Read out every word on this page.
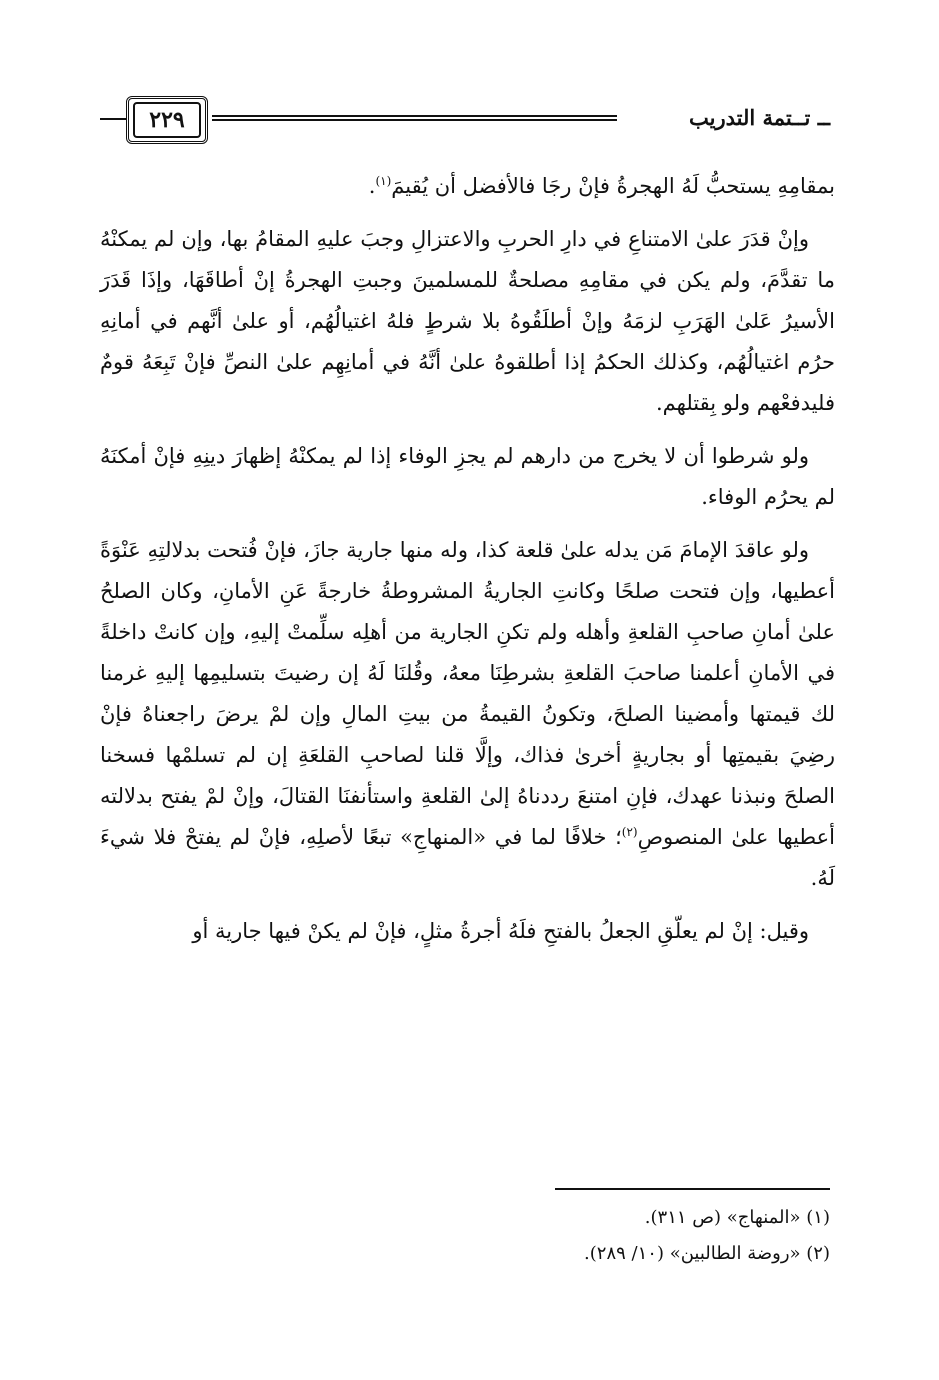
٢٢٩	ــ تــتمة التدريب

بمقامِهِ يستحبُّ لَهُ الهجرةُ فإنْ رجَا فالأفضل أن يُقيمَ$^{(١)}$.

وإنْ قدَرَ علىٰ الامتناعِ في دارِ الحربِ والاعتزالِ وجبَ عليهِ المقامُ بها، وإن لم يمكنْهُ ما تقدَّمَ، ولم يكن في مقامِهِ مصلحةٌ للمسلمينَ وجبتِ الهجرةُ إنْ أطاقَهَا، وإذَا قَدَرَ الأسيرُ عَلىٰ الهَرَبِ لزمَهُ وإنْ أطلَقُوهُ بلا شرطٍ فلهُ اغتيالُهُم، أو علىٰ أنَّهم في أمانِهِ حرُم اغتيالُهُم، وكذلك الحكمُ إذا أطلقوهُ علىٰ أنَّهُ في أمانِهِم علىٰ النصِّ فإنْ تَبِعَهُ قومٌ فليدفعْهم ولو بِقتلهم.

ولو شرطوا أن لا يخرج من دارهم لم يجزِ الوفاء إذا لم يمكنْهُ إظهارَ دينِهِ فإنْ أمكنَهُ لم يحرُم الوفاء.

ولو عاقدَ الإمامَ مَن يدله علىٰ قلعة كذا، وله منها جارية جازَ، فإنْ فُتحت بدلالتِهِ عَنْوَةً أعطيها، وإن فتحت صلحًا وكانتِ الجاريةُ المشروطةُ خارجةً عَنِ الأمانِ، وكان الصلحُ علىٰ أمانِ صاحبِ القلعةِ وأهله ولم تكنِ الجارية من أهلِه سلِّمتْ إليهِ، وإن كانتْ داخلةً في الأمانِ أعلمنا صاحبَ القلعةِ بشرطِنَا معهُ، وقُلنَا لَهُ إن رضيتَ بتسليمِها إليهِ غرمنا لك قيمتها وأمضينا الصلحَ، وتكونُ القيمةُ من بيتِ المالِ وإن لمْ يرضَ راجعناهُ فإنْ رضِيَ بقيمتِها أو بجاريةٍ أخرىٰ فذاك، وإلَّا قلنا لصاحبِ القلعَةِ إن لم تسلمْها فسخنا الصلحَ ونبذنا عهدك، فإنِ امتنعَ رددناهُ إلىٰ القلعةِ واستأنفنَا القتالَ، وإنْ لمْ يفتح بدلالته أعطيها علىٰ المنصوصِ$^{(٢)}$؛ خلافًا لما في «المنهاجِ» تبعًا لأصلِهِ، فإنْ لم يفتحْ فلا شيءَ لَهُ.

وقيل: إنْ لم يعلّقِ الجعلُ بالفتحِ فلَهُ أجرةُ مثلٍ، فإنْ لم يكنْ فيها جارية أو

(١) «المنهاج» (ص ٣١١).
(٢) «روضة الطالبين» (١٠/ ٢٨٩).
